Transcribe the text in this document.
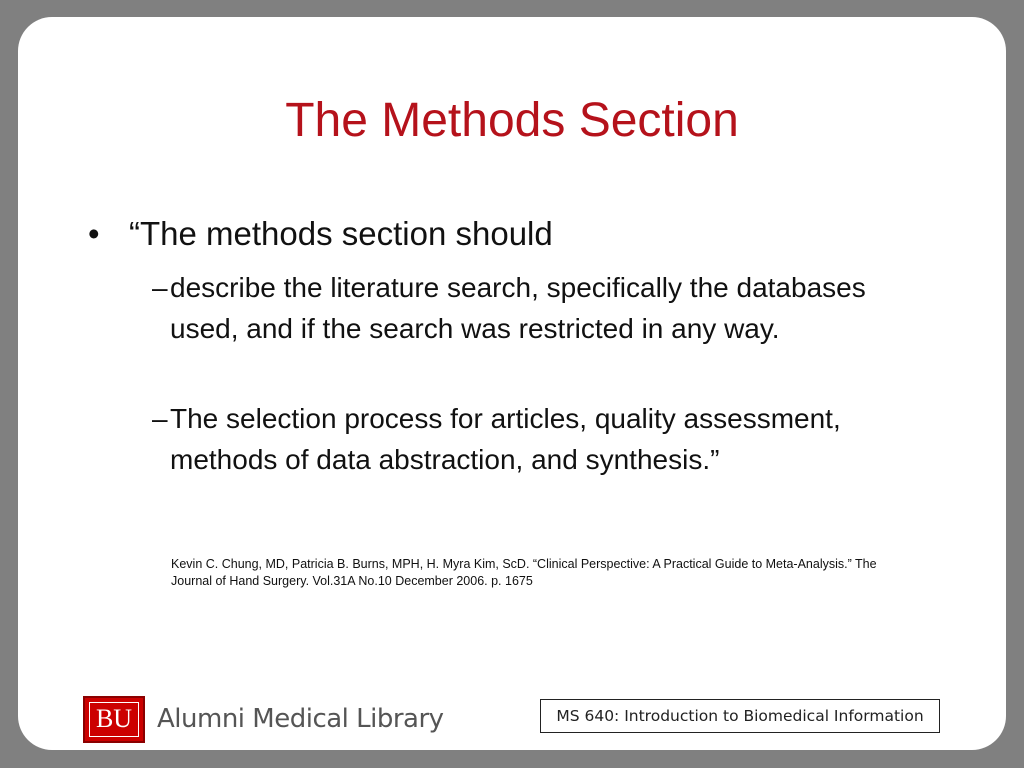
The Methods Section
• “The methods section should
– describe the literature search, specifically the databases used, and if the search was restricted in any way.
– The selection process for articles, quality assessment, methods of data abstraction, and synthesis.”
Kevin C. Chung, MD, Patricia B. Burns, MPH, H. Myra Kim, ScD. “Clinical Perspective: A Practical Guide to Meta-Analysis.” The Journal of Hand Surgery. Vol.31A No.10 December 2006. p. 1675
BU Alumni Medical Library	MS 640: Introduction to Biomedical Information
